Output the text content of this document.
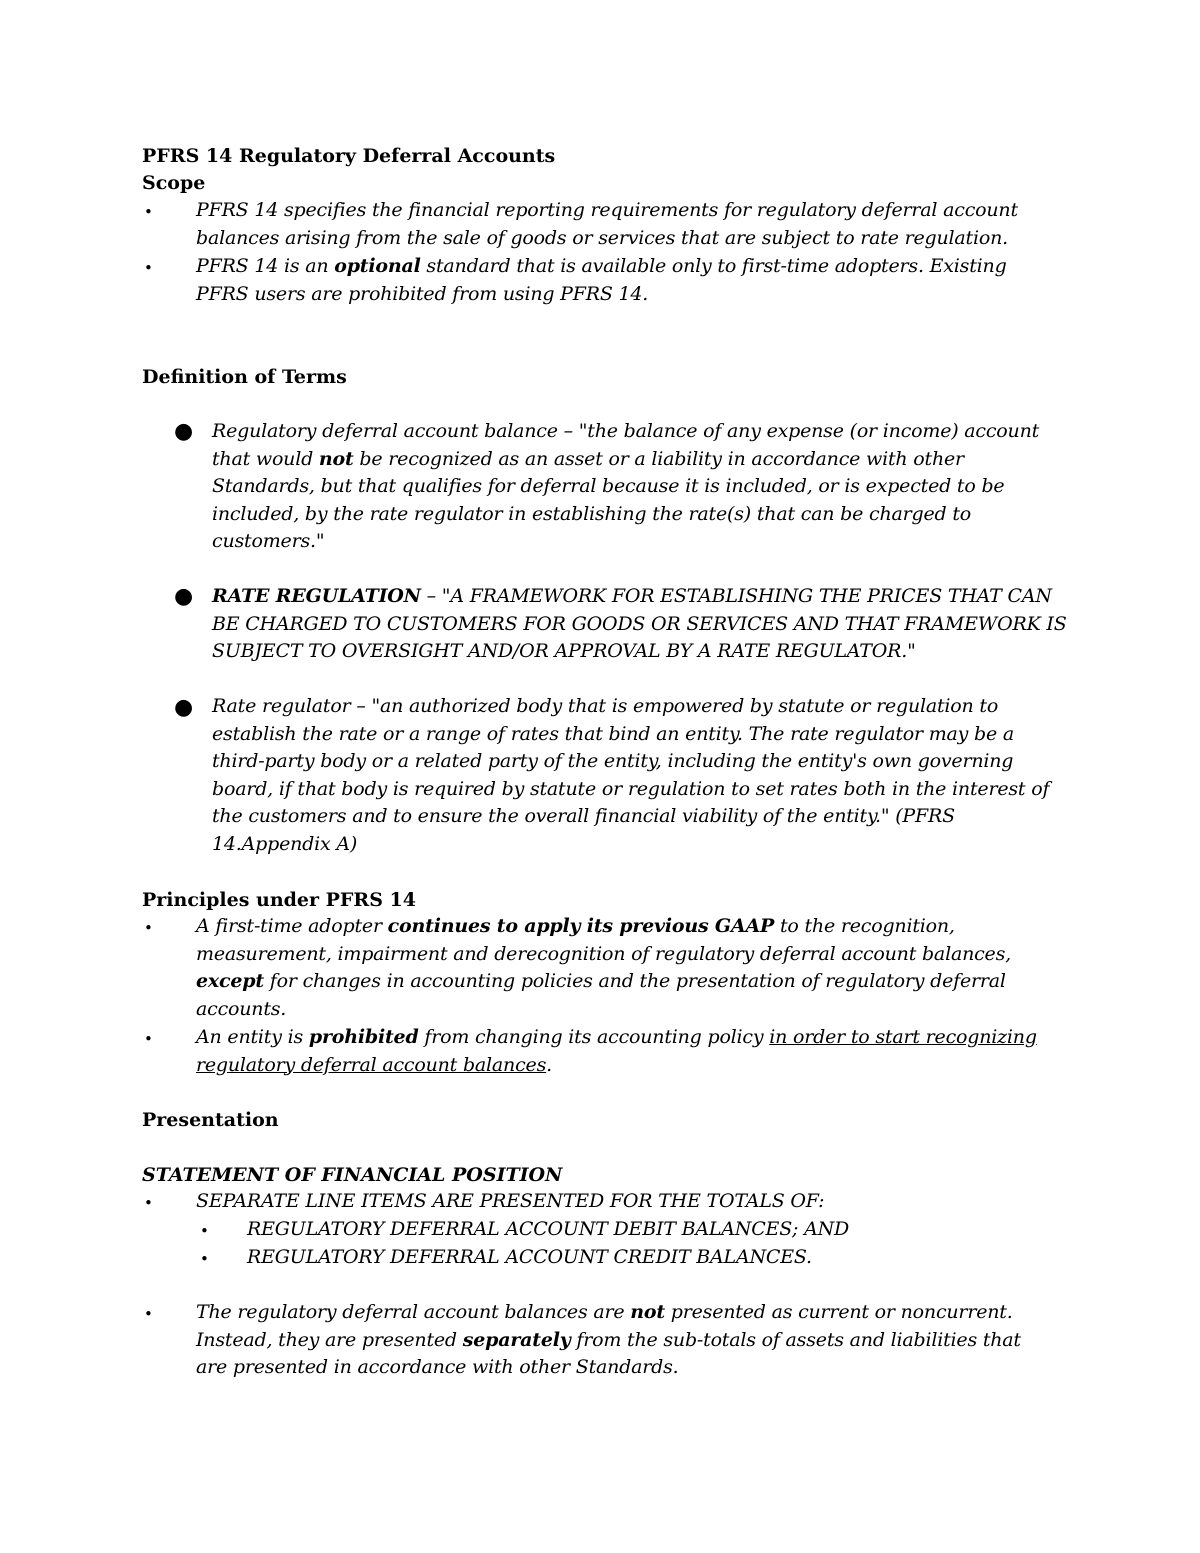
PFRS 14 Regulatory Deferral Accounts
Scope
• PFRS 14 specifies the financial reporting requirements for regulatory deferral account balances arising from the sale of goods or services that are subject to rate regulation.

• PFRS 14 is an optional standard that is available only to first-time adopters. Existing PFRS users are prohibited from using PFRS 14.

Definition of Terms
● Regulatory deferral account balance – "the balance of any expense (or income) account that would not be recognized as an asset or a liability in accordance with other Standards, but that qualifies for deferral because it is included, or is expected to be included, by the rate regulator in establishing the rate(s) that can be charged to customers."

● RATE REGULATION – "A FRAMEWORK FOR ESTABLISHING THE PRICES THAT CAN BE CHARGED TO CUSTOMERS FOR GOODS OR SERVICES AND THAT FRAMEWORK IS SUBJECT TO OVERSIGHT AND/OR APPROVAL BY A RATE REGULATOR."

● Rate regulator – "an authorized body that is empowered by statute or regulation to establish the rate or a range of rates that bind an entity. The rate regulator may be a third-party body or a related party of the entity, including the entity's own governing board, if that body is required by statute or regulation to set rates both in the interest of the customers and to ensure the overall financial viability of the entity." (PFRS 14.Appendix A)

Principles under PFRS 14
• A first-time adopter continues to apply its previous GAAP to the recognition, measurement, impairment and derecognition of regulatory deferral account balances, except for changes in accounting policies and the presentation of regulatory deferral accounts.

• An entity is prohibited from changing its accounting policy in order to start recognizing regulatory deferral account balances.

Presentation
STATEMENT OF FINANCIAL POSITION
• SEPARATE LINE ITEMS ARE PRESENTED FOR THE TOTALS OF:

• REGULATORY DEFERRAL ACCOUNT DEBIT BALANCES; AND

• REGULATORY DEFERRAL ACCOUNT CREDIT BALANCES.

• The regulatory deferral account balances are not presented as current or noncurrent. Instead, they are presented separately from the sub-totals of assets and liabilities that are presented in accordance with other Standards.
